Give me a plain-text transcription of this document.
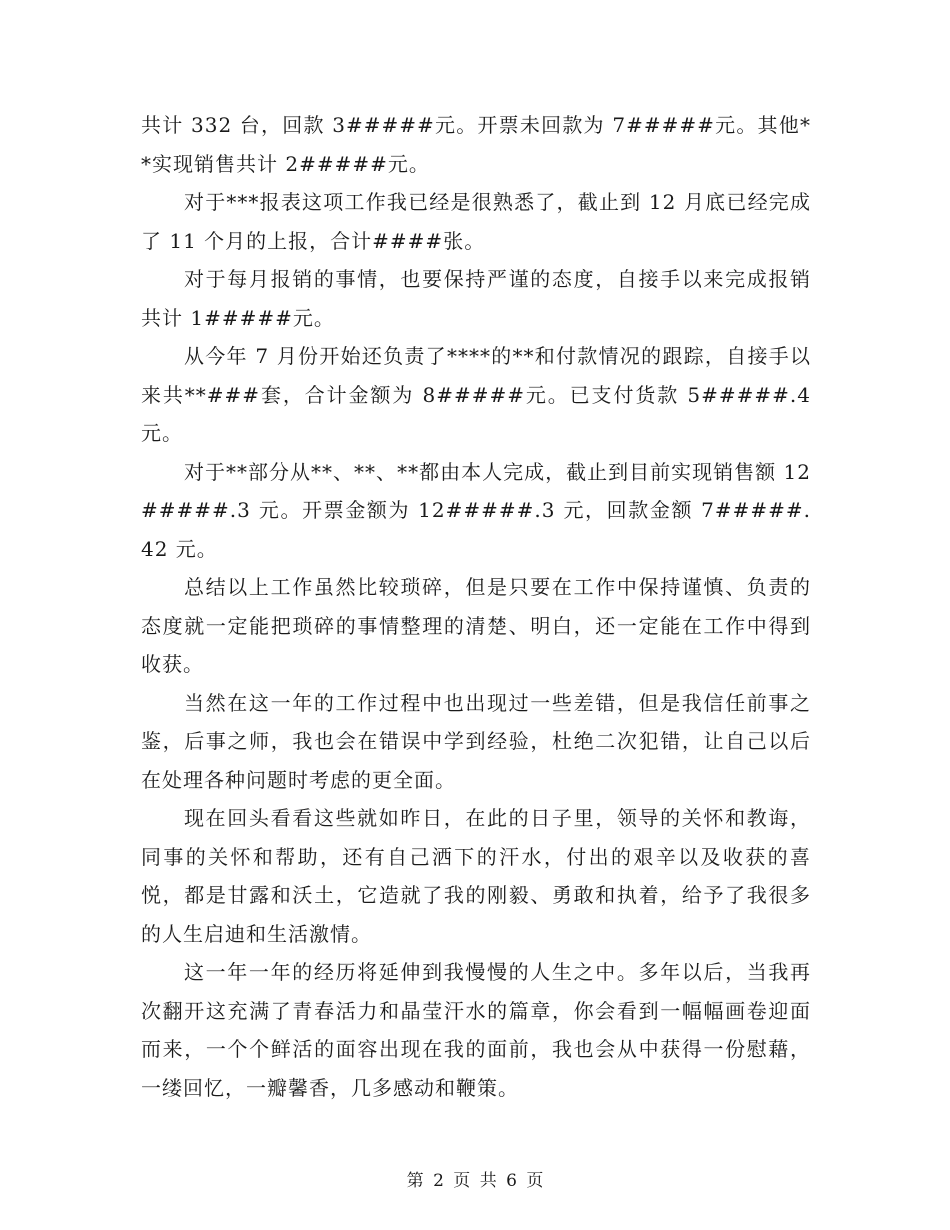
共计 332 台，回款 3#####元。开票未回款为 7#####元。其他**实现销售共计 2#####元。

对于***报表这项工作我已经是很熟悉了，截止到 12 月底已经完成了 11 个月的上报，合计####张。

对于每月报销的事情，也要保持严谨的态度，自接手以来完成报销共计 1#####元。

从今年 7 月份开始还负责了****的**和付款情况的跟踪，自接手以来共**###套，合计金额为 8#####元。已支付货款 5#####.4 元。

对于**部分从**、**、**都由本人完成，截止到目前实现销售额 12#####.3 元。开票金额为 12#####.3 元，回款金额 7#####.42 元。

总结以上工作虽然比较琐碎，但是只要在工作中保持谨慎、负责的态度就一定能把琐碎的事情整理的清楚、明白，还一定能在工作中得到收获。

当然在这一年的工作过程中也出现过一些差错，但是我信任前事之鉴，后事之师，我也会在错误中学到经验，杜绝二次犯错，让自己以后在处理各种问题时考虑的更全面。

现在回头看看这些就如昨日，在此的日子里，领导的关怀和教诲，同事的关怀和帮助，还有自己洒下的汗水，付出的艰辛以及收获的喜悦，都是甘露和沃土，它造就了我的刚毅、勇敢和执着，给予了我很多的人生启迪和生活激情。

这一年一年的经历将延伸到我慢慢的人生之中。多年以后，当我再次翻开这充满了青春活力和晶莹汗水的篇章，你会看到一幅幅画卷迎面而来，一个个鲜活的面容出现在我的面前，我也会从中获得一份慰藉，一缕回忆，一瓣馨香，几多感动和鞭策。

第 2 页 共 6 页
